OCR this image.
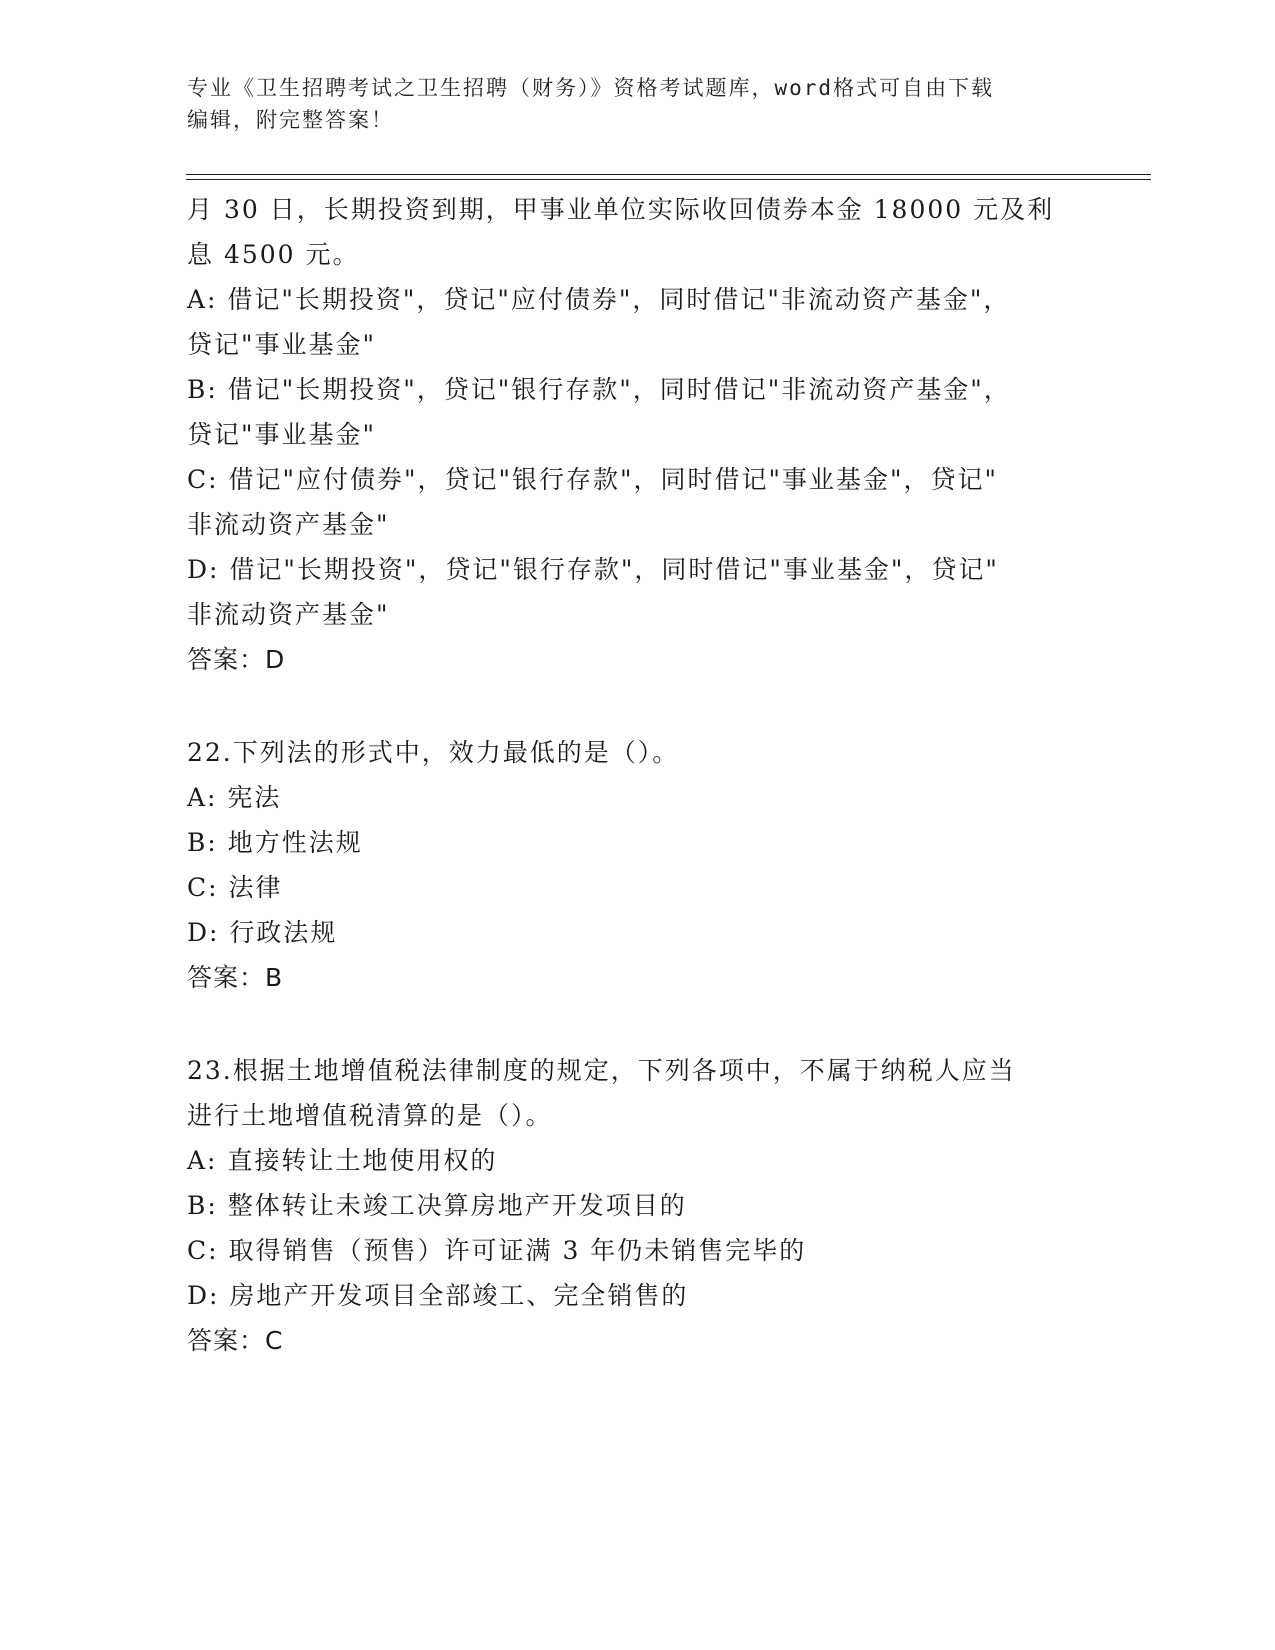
专业《卫生招聘考试之卫生招聘（财务）》资格考试题库，word格式可自由下载
编辑，附完整答案！
月 30 日，长期投资到期，甲事业单位实际收回债券本金 18000 元及利
息 4500 元。
A: 借记"长期投资"，贷记"应付债券"，同时借记"非流动资产基金"，
贷记"事业基金"
B: 借记"长期投资"，贷记"银行存款"，同时借记"非流动资产基金"，
贷记"事业基金"
C: 借记"应付债券"，贷记"银行存款"，同时借记"事业基金"，贷记"
非流动资产基金"
D: 借记"长期投资"，贷记"银行存款"，同时借记"事业基金"，贷记"
非流动资产基金"
答案：D
22.下列法的形式中，效力最低的是（）。
A: 宪法
B: 地方性法规
C: 法律
D: 行政法规
答案：B
23.根据土地增值税法律制度的规定，下列各项中，不属于纳税人应当
进行土地增值税清算的是（）。
A: 直接转让土地使用权的
B: 整体转让未竣工决算房地产开发项目的
C: 取得销售（预售）许可证满 3 年仍未销售完毕的
D: 房地产开发项目全部竣工、完全销售的
答案：C
